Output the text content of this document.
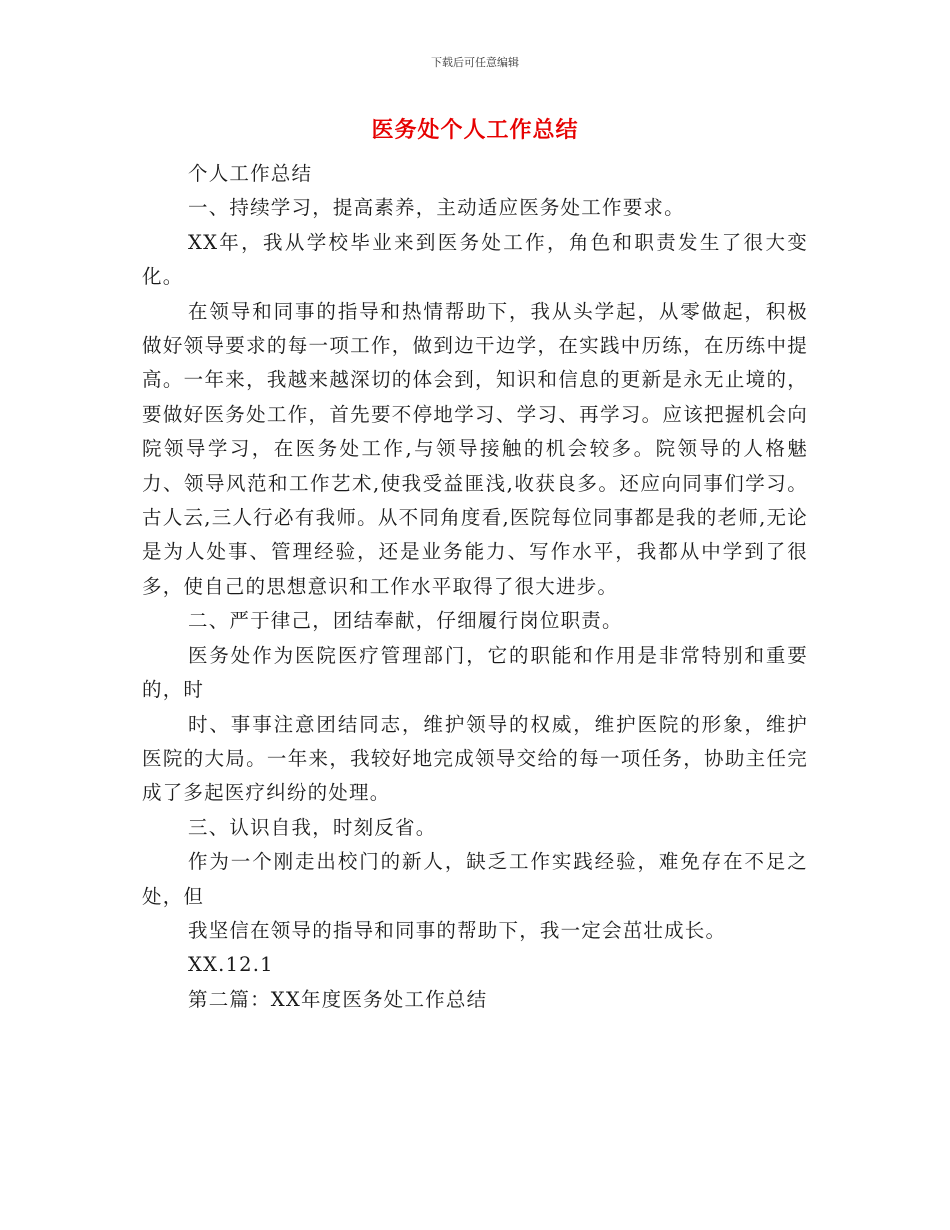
下载后可任意编辑
医务处个人工作总结

个人工作总结

一、持续学习，提高素养，主动适应医务处工作要求。

XX年，我从学校毕业来到医务处工作，角色和职责发生了很大变化。

在领导和同事的指导和热情帮助下，我从头学起，从零做起，积极做好领导要求的每一项工作，做到边干边学，在实践中历练，在历练中提高。一年来，我越来越深切的体会到，知识和信息的更新是永无止境的，要做好医务处工作，首先要不停地学习、学习、再学习。应该把握机会向院领导学习，在医务处工作,与领导接触的机会较多。院领导的人格魅力、领导风范和工作艺术,使我受益匪浅,收获良多。还应向同事们学习。古人云,三人行必有我师。从不同角度看,医院每位同事都是我的老师,无论是为人处事、管理经验，还是业务能力、写作水平，我都从中学到了很多，使自己的思想意识和工作水平取得了很大进步。

二、严于律己，团结奉献，仔细履行岗位职责。

医务处作为医院医疗管理部门，它的职能和作用是非常特别和重要的，时

时、事事注意团结同志，维护领导的权威，维护医院的形象，维护医院的大局。一年来，我较好地完成领导交给的每一项任务，协助主任完成了多起医疗纠纷的处理。

三、认识自我，时刻反省。

作为一个刚走出校门的新人，缺乏工作实践经验，难免存在不足之处，但

我坚信在领导的指导和同事的帮助下，我一定会茁壮成长。

XX.12.1

第二篇：XX年度医务处工作总结
